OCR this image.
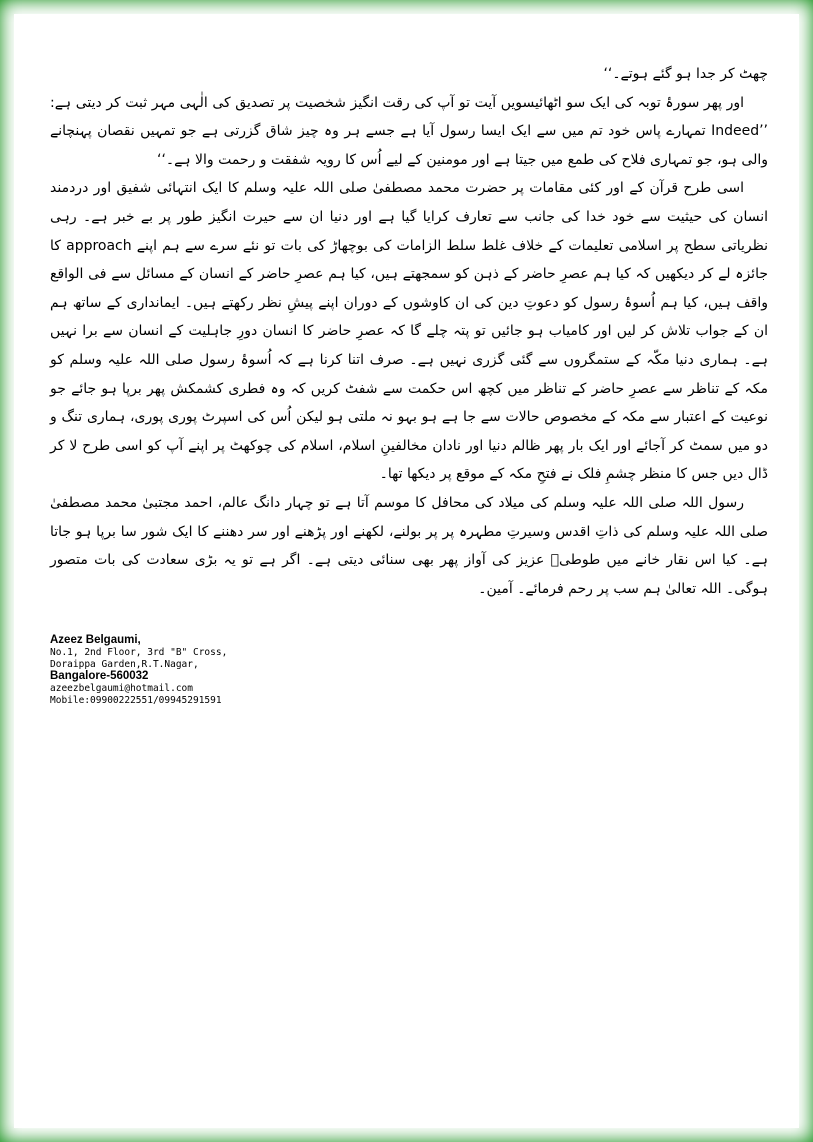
چھٹ کر جدا ہو گئے ہوتے۔‘‘

اور پھر سورۂ توبہ کی ایک سو اٹھائیسویں آیت تو آپ کی رقت انگیز شخصیت پر تصدیق کی الٰہی مہر ثبت کر دیتی ہے: ’’Indeed تمہارے پاس خود تم میں سے ایک ایسا رسول آیا ہے جسے ہر وہ چیز شاق گزرتی ہے جو تمہیں نقصان پہنچانے والی ہو، جو تمہاری فلاح کی طمع میں جیتا ہے اور مومنین کے لیے اُس کا رویہ شفقت و رحمت والا ہے۔‘‘

اسی طرح قرآن کے اور کئی مقامات پر حضرت محمد مصطفیٰ صلی اللہ علیہ وسلم کا ایک انتہائی شفیق اور دردمند انسان کی حیثیت سے خود خدا کی جانب سے تعارف کرایا گیا ہے اور دنیا ان سے حیرت انگیز طور پر بے خبر ہے۔ رہی نظریاتی سطح پر اسلامی تعلیمات کے خلاف غلط سلط الزامات کی بوچھاڑ کی بات تو نئے سرے سے ہم اپنے approach کا جائزہ لے کر دیکھیں کہ کیا ہم عصرِ حاضر کے ذہن کو سمجھتے ہیں، کیا ہم عصرِ حاضر کے انسان کے مسائل سے فی الواقع واقف ہیں، کیا ہم اُسوۂ رسول کو دعوتِ دین کی ان کاوشوں کے دوران اپنے پیشِ نظر رکھتے ہیں۔ ایمانداری کے ساتھ ہم ان کے جواب تلاش کر لیں اور کامیاب ہو جائیں تو پتہ چلے گا کہ عصرِ حاضر کا انسان دورِ جاہلیت کے انسان سے برا نہیں ہے۔ ہماری دنیا مکّہ کے ستمگروں سے گئی گزری نہیں ہے۔ صرف اتنا کرنا ہے کہ اُسوۂ رسول صلی اللہ علیہ وسلم کو مکہ کے تناظر سے عصرِ حاضر کے تناظر میں کچھ اس حکمت سے شفٹ کریں کہ وہ فطری کشمکش پھر برپا ہو جائے جو نوعیت کے اعتبار سے مکہ کے مخصوص حالات سے جا ہے ہو بہو نہ ملتی ہو لیکن اُس کی اسپرٹ پوری پوری، ہماری تنگ و دو میں سمٹ کر آجائے اور ایک بار پھر ظالم دنیا اور نادان مخالفینِ اسلام، اسلام کی چوکھٹ پر اپنے آپ کو اسی طرح لا کر ڈال دیں جس کا منظر چشمِ فلک نے فتحِ مکہ کے موقع پر دیکھا تھا۔

رسول اللہ صلی اللہ علیہ وسلم کی میلاد کی محافل کا موسم آتا ہے تو چہار دانگ عالم، احمد مجتبیٰ محمد مصطفیٰ صلی اللہ علیہ وسلم کی ذاتِ اقدس وسیرتِ مطہرہ پر پر بولنے، لکھنے اور پڑھنے اور سر دھننے کا ایک شور سا برپا ہو جاتا ہے۔ کیا اس نقار خانے میں طوطیؔ عزیز کی آواز پھر بھی سنائی دیتی ہے۔ اگر ہے تو یہ بڑی سعادت کی بات متصور ہوگی۔ اللہ تعالیٰ ہم سب پر رحم فرمائے۔ آمین۔

Azeez Belgaumi,
No.1, 2nd Floor, 3rd "B" Cross,
Doraippa Garden,R.T.Nagar,
Bangalore-560032
azeezbelgaumi@hotmail.com
Mobile:09900222551/09945291591
